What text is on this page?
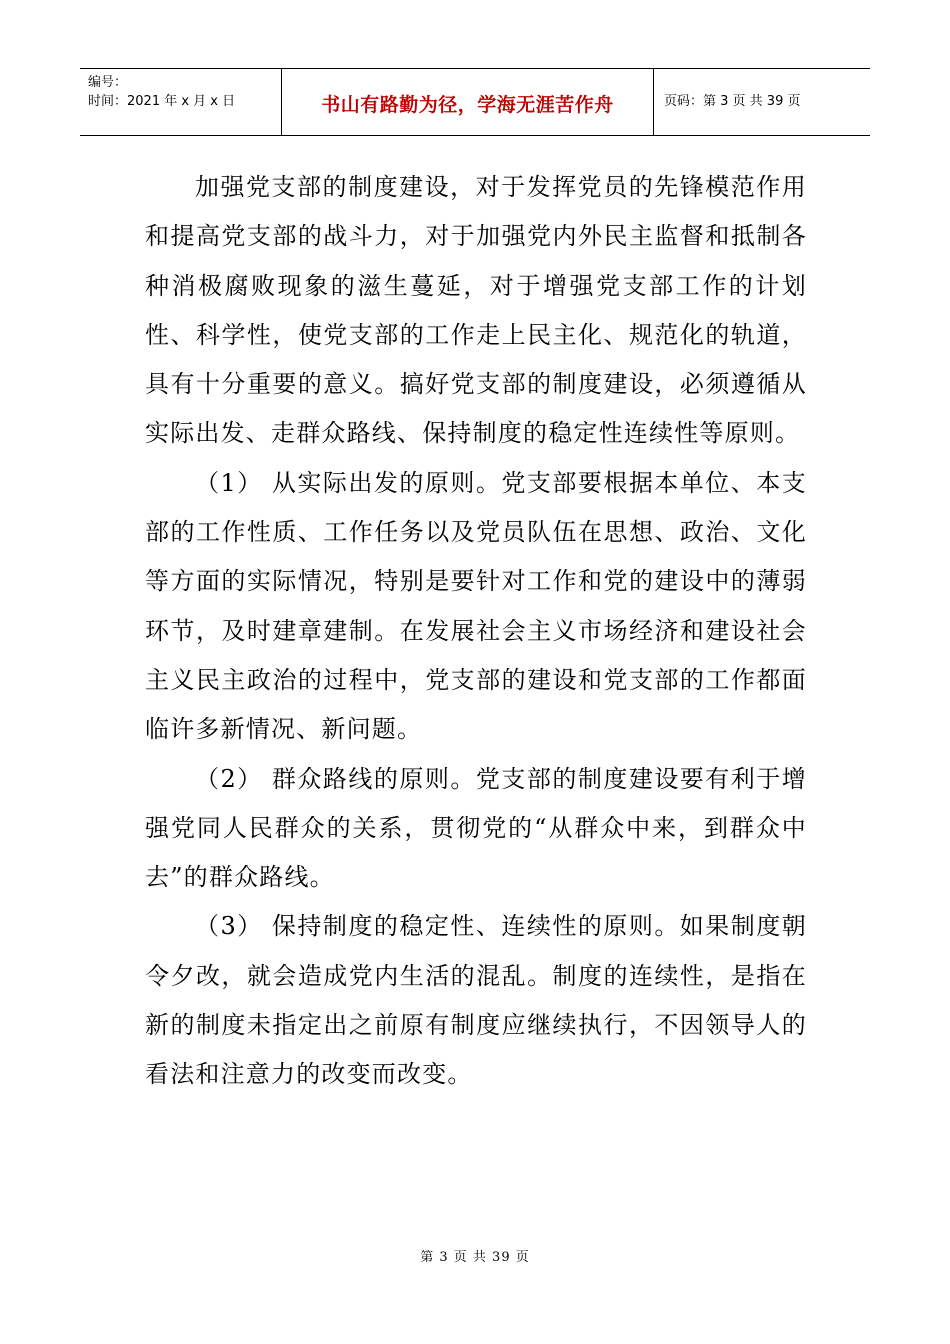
编号：
时间：2021 年 x 月 x 日	书山有路勤为径，学海无涯苦作舟	页码：第 3 页 共 39 页

加强党支部的制度建设，对于发挥党员的先锋模范作用和提高党支部的战斗力，对于加强党内外民主监督和抵制各种消极腐败现象的滋生蔓延，对于增强党支部工作的计划性、科学性，使党支部的工作走上民主化、规范化的轨道，具有十分重要的意义。搞好党支部的制度建设，必须遵循从实际出发、走群众路线、保持制度的稳定性连续性等原则。

（1） 从实际出发的原则。党支部要根据本单位、本支部的工作性质、工作任务以及党员队伍在思想、政治、文化等方面的实际情况，特别是要针对工作和党的建设中的薄弱环节，及时建章建制。在发展社会主义市场经济和建设社会主义民主政治的过程中，党支部的建设和党支部的工作都面临许多新情况、新问题。

（2） 群众路线的原则。党支部的制度建设要有利于增强党同人民群众的关系，贯彻党的“从群众中来，到群众中去”的群众路线。

（3） 保持制度的稳定性、连续性的原则。如果制度朝令夕改，就会造成党内生活的混乱。制度的连续性，是指在新的制度未指定出之前原有制度应继续执行，不因领导人的看法和注意力的改变而改变。

第 3 页 共 39 页
